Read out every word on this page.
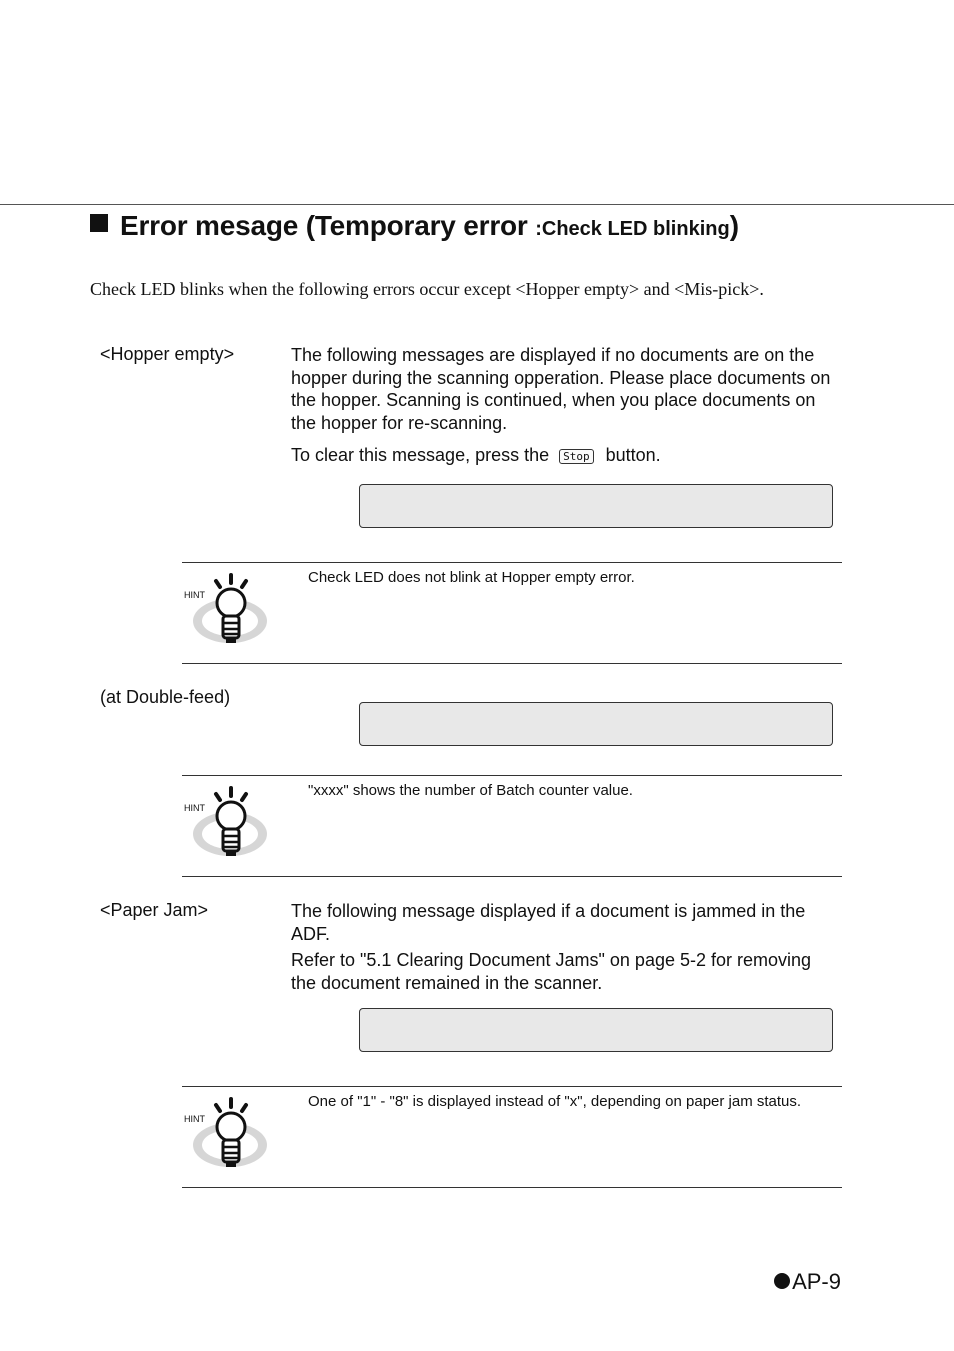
Error mesage (Temporary error :Check LED blinking)
Check LED blinks when the following errors occur except <Hopper empty> and <Mis-pick>.
<Hopper empty>	The following messages are displayed if no documents are on the hopper during the scanning opperation. Please place documents on the hopper. Scanning is continued, when you place documents on the hopper for re-scanning.

To clear this message, press the Stop button.

HINT
Check LED does not blink at Hopper empty error.
(at Double-feed)
HINT
"xxxx" shows the number of Batch counter value.
<Paper Jam>	The following message displayed if a document is jammed in the ADF.

Refer to "5.1 Clearing Document Jams" on page 5-2 for removing the document remained in the scanner.

HINT
One of "1" - "8" is displayed instead of "x", depending on paper jam status.
AP-9
